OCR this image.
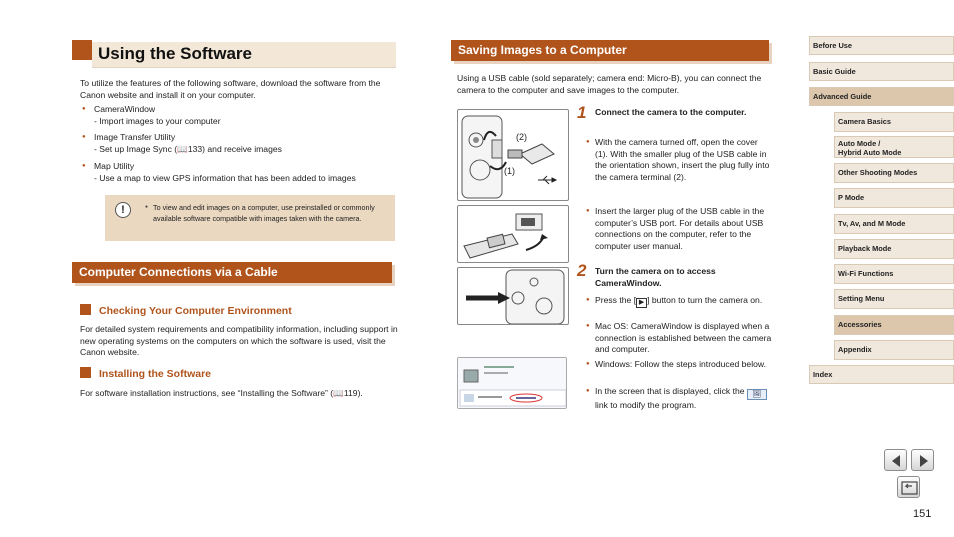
Using the Software
To utilize the features of the following software, download the software from the Canon website and install it on your computer.
● CameraWindow
- Import images to your computer
● Image Transfer Utility
- Set up Image Sync (📖133) and receive images
● Map Utility
- Use a map to view GPS information that has been added to images
!
●	To view and edit images on a computer, use preinstalled or commonly available software compatible with images taken with the camera.
Computer Connections via a Cable
Checking Your Computer Environment
For detailed system requirements and compatibility information, including support in new operating systems on the computers on which the software is used, visit the Canon website.
Installing the Software
For software installation instructions, see “Installing the Software” (📖119).
Saving Images to a Computer
Using a USB cable (sold separately; camera end: Micro-B), you can connect the camera to the computer and save images to the computer.
(2)
(1)
1 Connect the camera to the computer.
● With the camera turned off, open the cover (1). With the smaller plug of the USB cable in the orientation shown, insert the plug fully into the camera terminal (2).
● Insert the larger plug of the USB cable in the computer’s USB port. For details about USB connections on the computer, refer to the computer user manual.
2 Turn the camera on to access CameraWindow.
● Press the [ ▶ ] button to turn the camera on.
● Mac OS: CameraWindow is displayed when a connection is established between the camera and computer.
● Windows: Follow the steps introduced below.
● In the screen that is displayed, click the 🖼 link to modify the program.
Before Use
Basic Guide
Advanced Guide
Camera Basics
Auto Mode /
Hybrid Auto Mode
Other Shooting Modes
P Mode
Tv, Av, and M Mode
Playback Mode
Wi-Fi Functions
Setting Menu
Accessories
Appendix
Index
151
